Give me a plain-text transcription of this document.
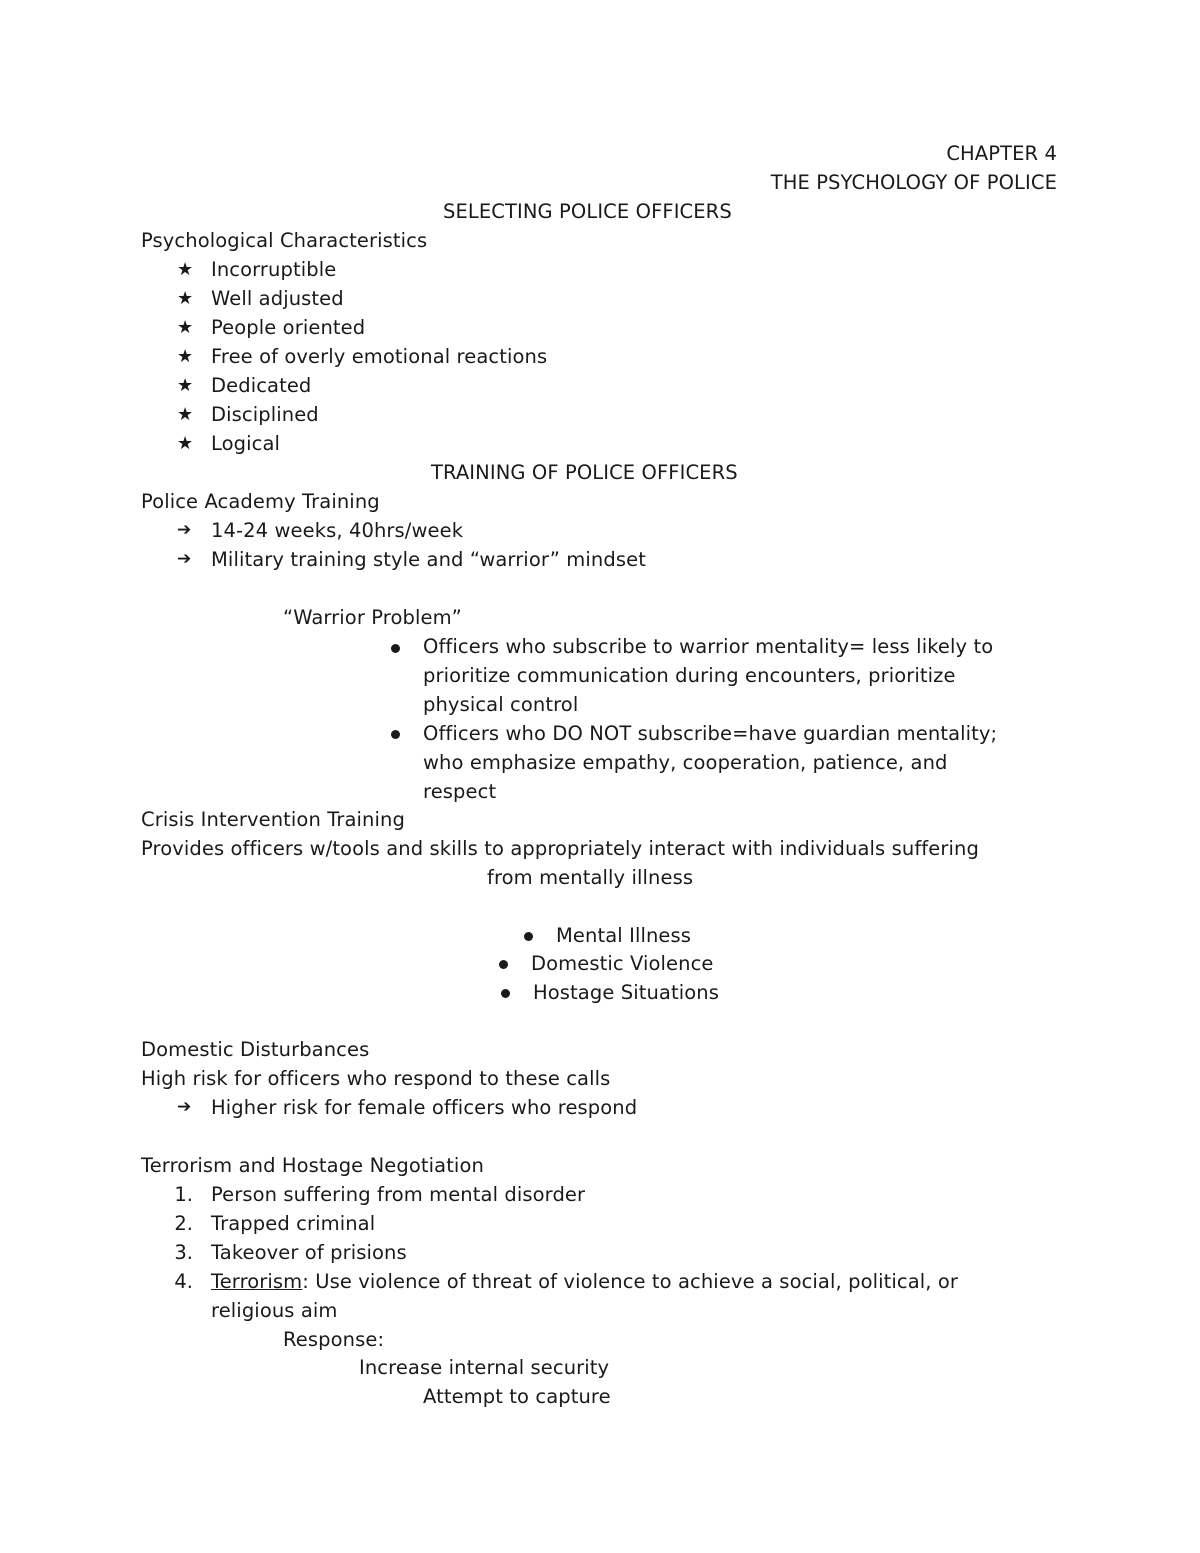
CHAPTER 4
THE PSYCHOLOGY OF POLICE
SELECTING POLICE OFFICERS
Psychological Characteristics
★ Incorruptible
★ Well adjusted
★ People oriented
★ Free of overly emotional reactions
★ Dedicated
★ Disciplined
★ Logical
TRAINING OF POLICE OFFICERS
Police Academy Training
➔ 14-24 weeks, 40hrs/week
➔ Military training style and “warrior” mindset
“Warrior Problem”
Officers who subscribe to warrior mentality= less likely to
prioritize communication during encounters, prioritize
physical control
Officers who DO NOT subscribe=have guardian mentality;
who emphasize empathy, cooperation, patience, and
respect
Crisis Intervention Training
Provides officers w/tools and skills to appropriately interact with individuals suffering
from mentally illness
Mental Illness
Domestic Violence
Hostage Situations
Domestic Disturbances
High risk for officers who respond to these calls
➔ Higher risk for female officers who respond
Terrorism and Hostage Negotiation
1. Person suffering from mental disorder
2. Trapped criminal
3. Takeover of prisions
4. Terrorism: Use violence of threat of violence to achieve a social, political, or
religious aim
Response:
Increase internal security
Attempt to capture
